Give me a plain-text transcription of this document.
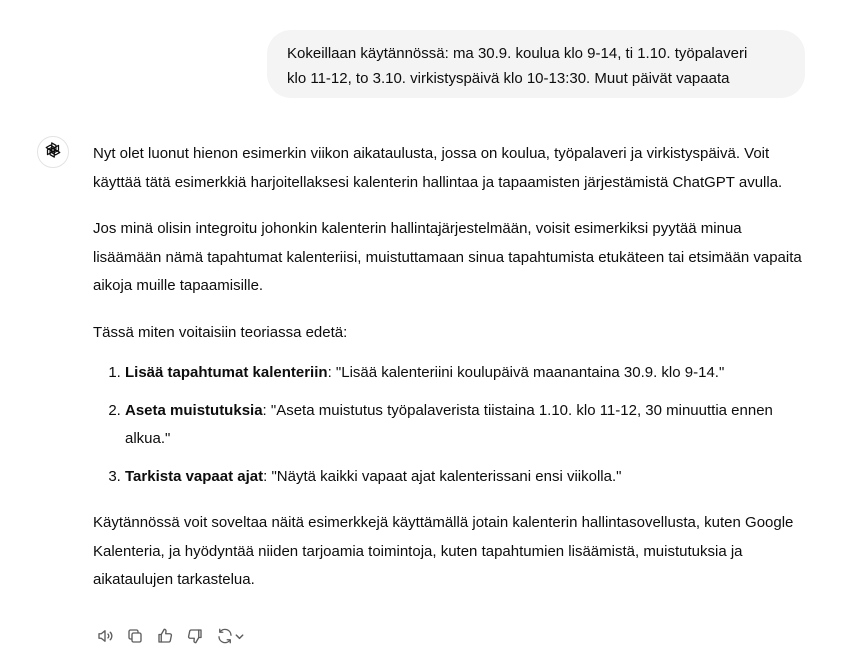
Kokeillaan käytännössä: ma 30.9. koulua klo 9-14, ti 1.10. työpalaveri
klo 11-12, to 3.10. virkistyspäivä klo 10-13:30. Muut päivät vapaata

Nyt olet luonut hienon esimerkin viikon aikataulusta, jossa on koulua, työpalaveri ja virkistyspäivä. Voit käyttää tätä esimerkkiä harjoitellaksesi kalenterin hallintaa ja tapaamisten järjestämistä ChatGPT avulla.

Jos minä olisin integroitu johonkin kalenterin hallintajärjestelmään, voisit esimerkiksi pyytää minua lisäämään nämä tapahtumat kalenteriisi, muistuttamaan sinua tapahtumista etukäteen tai etsimään vapaita aikoja muille tapaamisille.

Tässä miten voitaisiin teoriassa edetä:

1. Lisää tapahtumat kalenteriin: "Lisää kalenteriini koulupäivä maanantaina 30.9. klo 9-14."
2. Aseta muistutuksia: "Aseta muistutus työpalaverista tiistaina 1.10. klo 11-12, 30 minuuttia ennen alkua."
3. Tarkista vapaat ajat: "Näytä kaikki vapaat ajat kalenterissani ensi viikolla."

Käytännössä voit soveltaa näitä esimerkkejä käyttämällä jotain kalenterin hallintasovellusta, kuten Google Kalenteria, ja hyödyntää niiden tarjoamia toimintoja, kuten tapahtumien lisäämistä, muistutuksia ja aikataulujen tarkastelua.
